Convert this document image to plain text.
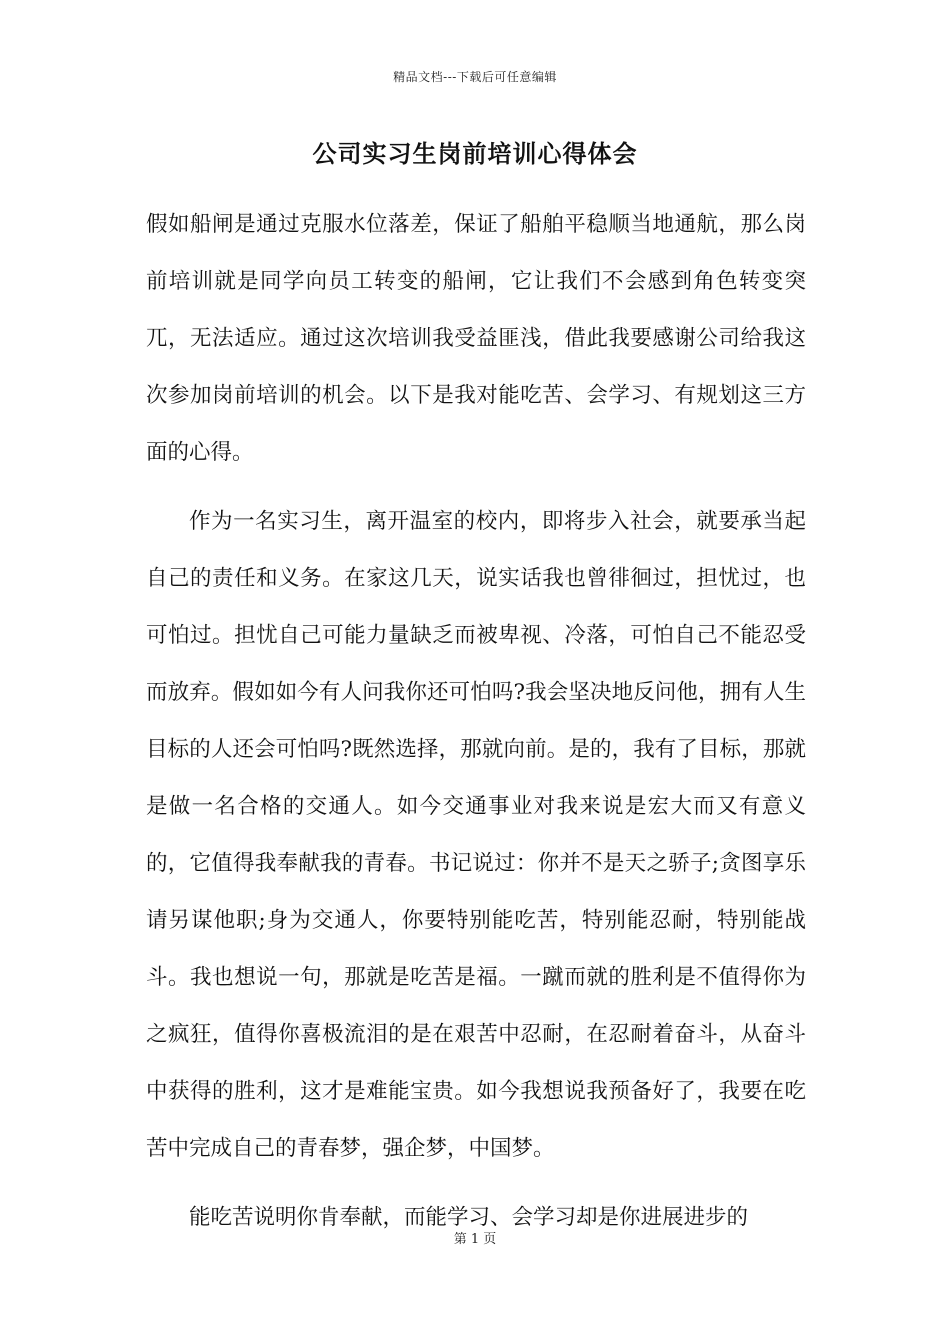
精品文档---下载后可任意编辑
公司实习生岗前培训心得体会

假如船闸是通过克服水位落差，保证了船舶平稳顺当地通航，那么岗前培训就是同学向员工转变的船闸，它让我们不会感到角色转变突兀，无法适应。通过这次培训我受益匪浅，借此我要感谢公司给我这次参加岗前培训的机会。以下是我对能吃苦、会学习、有规划这三方面的心得。

作为一名实习生，离开温室的校内，即将步入社会，就要承当起自己的责任和义务。在家这几天，说实话我也曾徘徊过，担忧过，也可怕过。担忧自己可能力量缺乏而被卑视、冷落，可怕自己不能忍受而放弃。假如如今有人问我你还可怕吗?我会坚决地反问他，拥有人生目标的人还会可怕吗?既然选择，那就向前。是的，我有了目标，那就是做一名合格的交通人。如今交通事业对我来说是宏大而又有意义的，它值得我奉献我的青春。书记说过：你并不是天之骄子;贪图享乐请另谋他职;身为交通人，你要特别能吃苦，特别能忍耐，特别能战斗。我也想说一句，那就是吃苦是福。一蹴而就的胜利是不值得你为之疯狂，值得你喜极流泪的是在艰苦中忍耐，在忍耐着奋斗，从奋斗中获得的胜利，这才是难能宝贵。如今我想说我预备好了，我要在吃苦中完成自己的青春梦，强企梦，中国梦。

能吃苦说明你肯奉献，而能学习、会学习却是你进展进步的

第 1 页
